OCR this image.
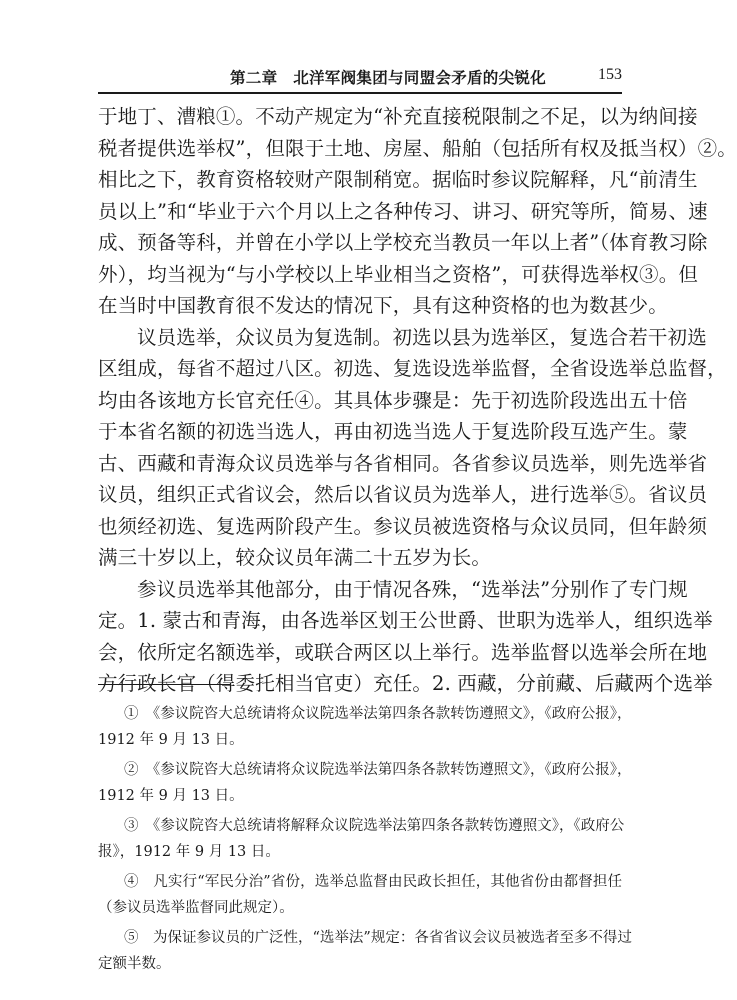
第二章　北洋军阀集团与同盟会矛盾的尖锐化	153
于地丁、漕粮①。不动产规定为“补充直接税限制之不足，以为纳间接
税者提供选举权”，但限于土地、房屋、船舶（包括所有权及抵当权）②。
相比之下，教育资格较财产限制稍宽。据临时参议院解释，凡“前清生
员以上”和“毕业于六个月以上之各种传习、讲习、研究等所，简易、速
成、预备等科，并曾在小学以上学校充当教员一年以上者”（体育教习除
外），均当视为“与小学校以上毕业相当之资格”，可获得选举权③。但
在当时中国教育很不发达的情况下，具有这种资格的也为数甚少。
议员选举，众议员为复选制。初选以县为选举区，复选合若干初选
区组成，每省不超过八区。初选、复选设选举监督，全省设选举总监督，
均由各该地方长官充任④。其具体步骤是：先于初选阶段选出五十倍
于本省名额的初选当选人，再由初选当选人于复选阶段互选产生。蒙
古、西藏和青海众议员选举与各省相同。各省参议员选举，则先选举省
议员，组织正式省议会，然后以省议员为选举人，进行选举⑤。省议员
也须经初选、复选两阶段产生。参议员被选资格与众议员同，但年龄须
满三十岁以上，较众议员年满二十五岁为长。
参议员选举其他部分，由于情况各殊，“选举法”分别作了专门规
定。1. 蒙古和青海，由各选举区划王公世爵、世职为选举人，组织选举
会，依所定名额选举，或联合两区以上举行。选举监督以选举会所在地
方行政长官（得委托相当官吏）充任。2. 西藏，分前藏、后藏两个选举
①　 《参议院咨大总统请将众议院选举法第四条各款转饬遵照文》，《政府公报》，
1912 年 9 月 13 日。
②　 《参议院咨大总统请将众议院选举法第四条各款转饬遵照文》，《政府公报》，
1912 年 9 月 13 日。
③　 《参议院咨大总统请将解释众议院选举法第四条各款转饬遵照文》，《政府公
报》，1912 年 9 月 13 日。
④　 凡实行“军民分治”省份，选举总监督由民政长担任，其他省份由都督担任
（参议员选举监督同此规定）。
⑤　 为保证参议员的广泛性，“选举法”规定：各省省议会议员被选者至多不得过
定额半数。
